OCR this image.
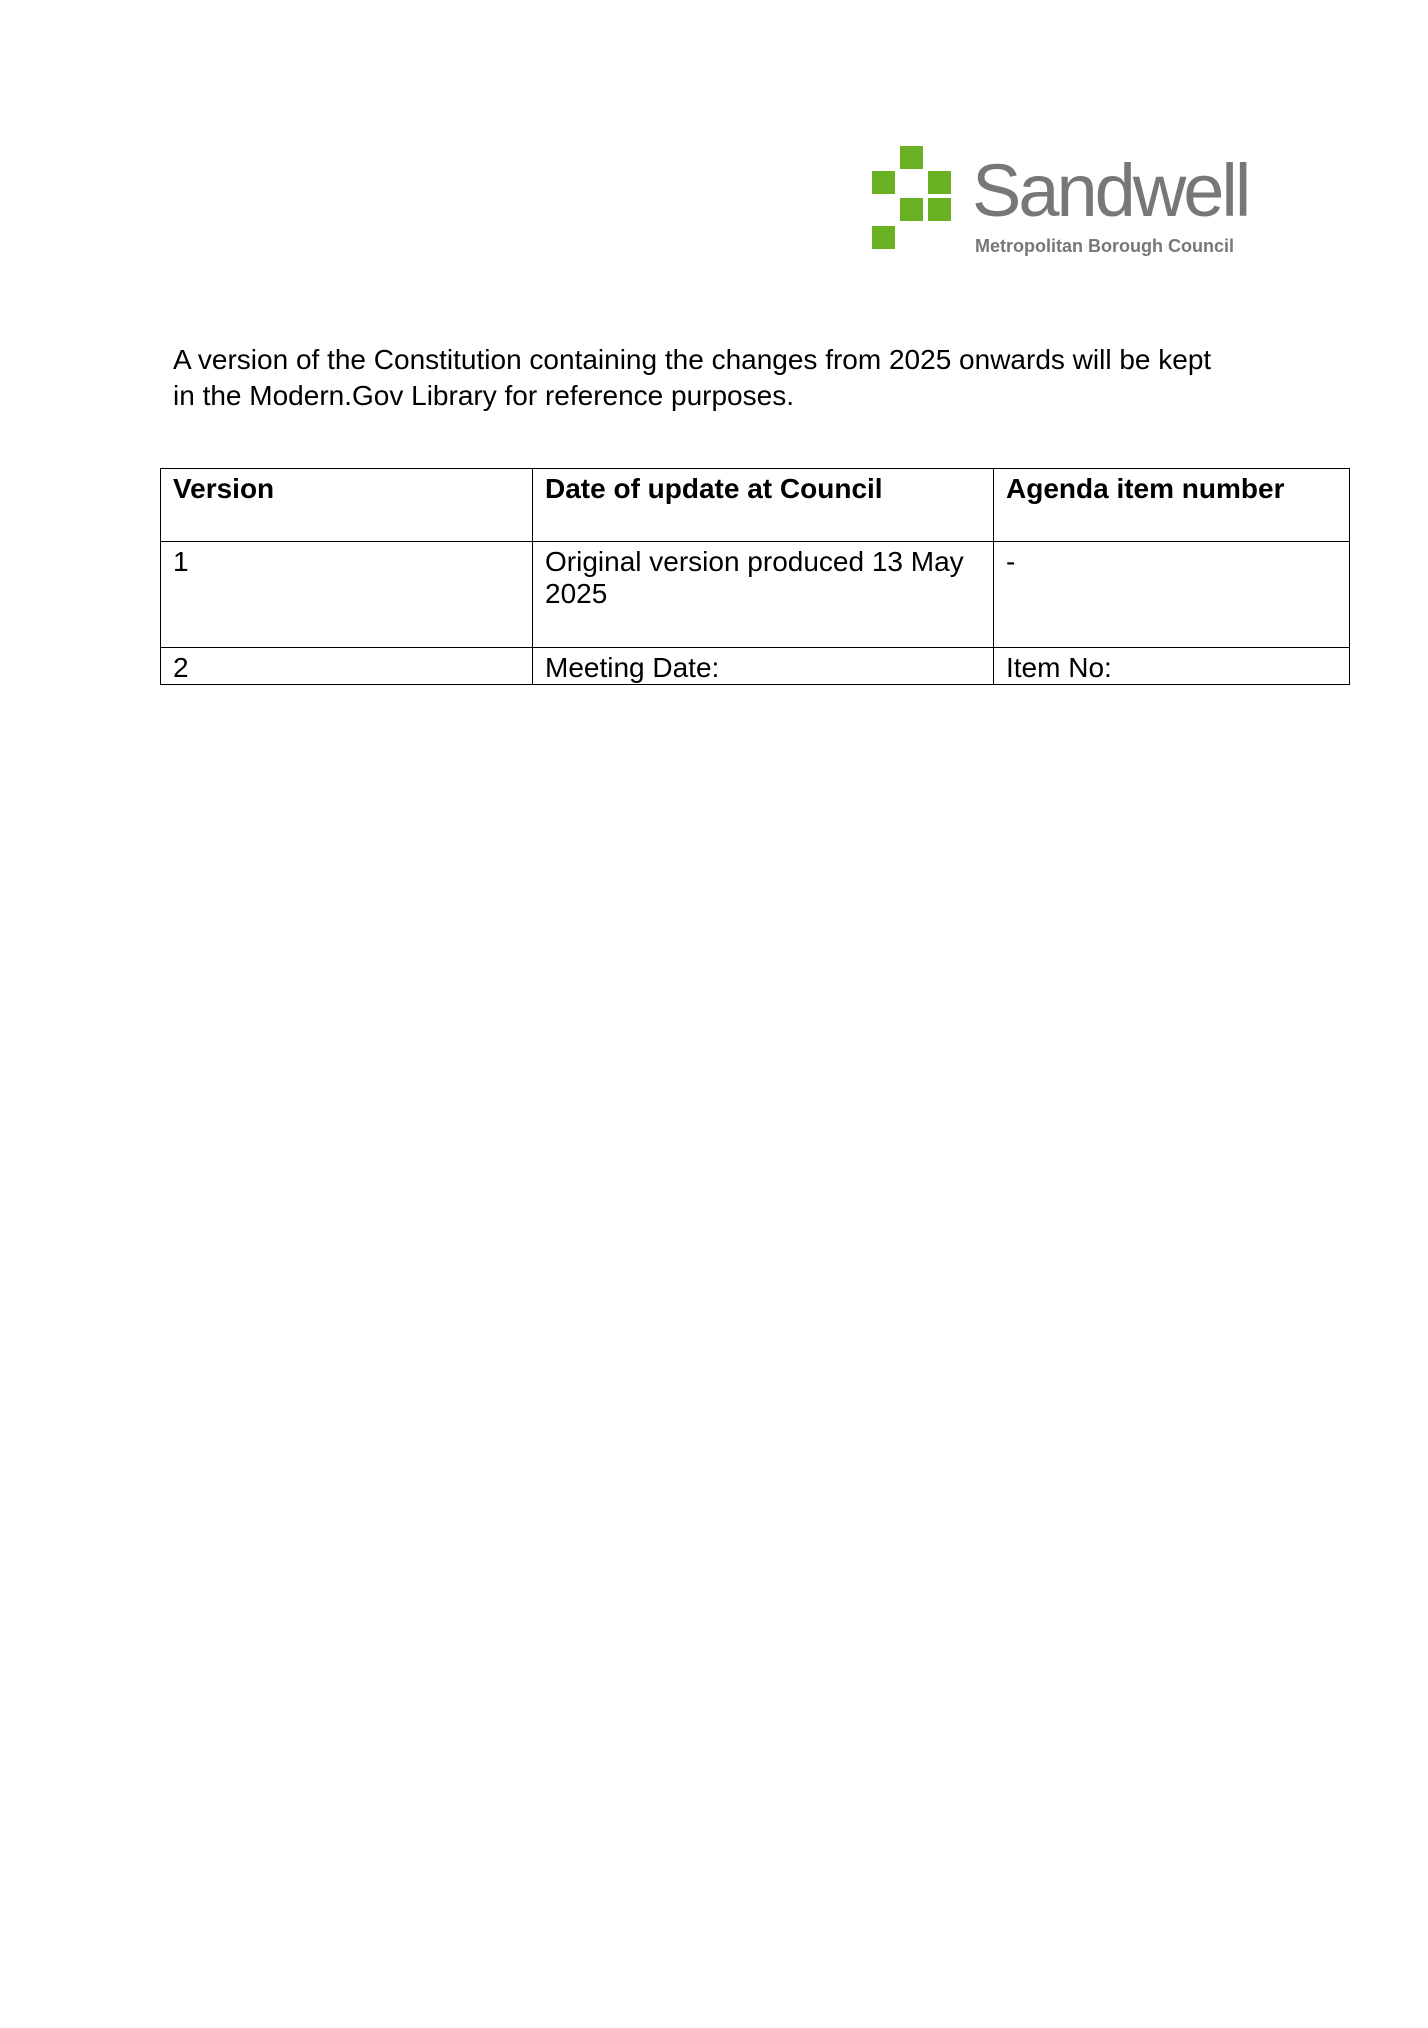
Sandwell
Metropolitan Borough Council

A version of the Constitution containing the changes from 2025 onwards will be kept

in the Modern.Gov Library for reference purposes.

Version	Date of update at Council	Agenda item number
1	Original version produced 13 May 2025	-
2	Meeting Date:	Item No:
